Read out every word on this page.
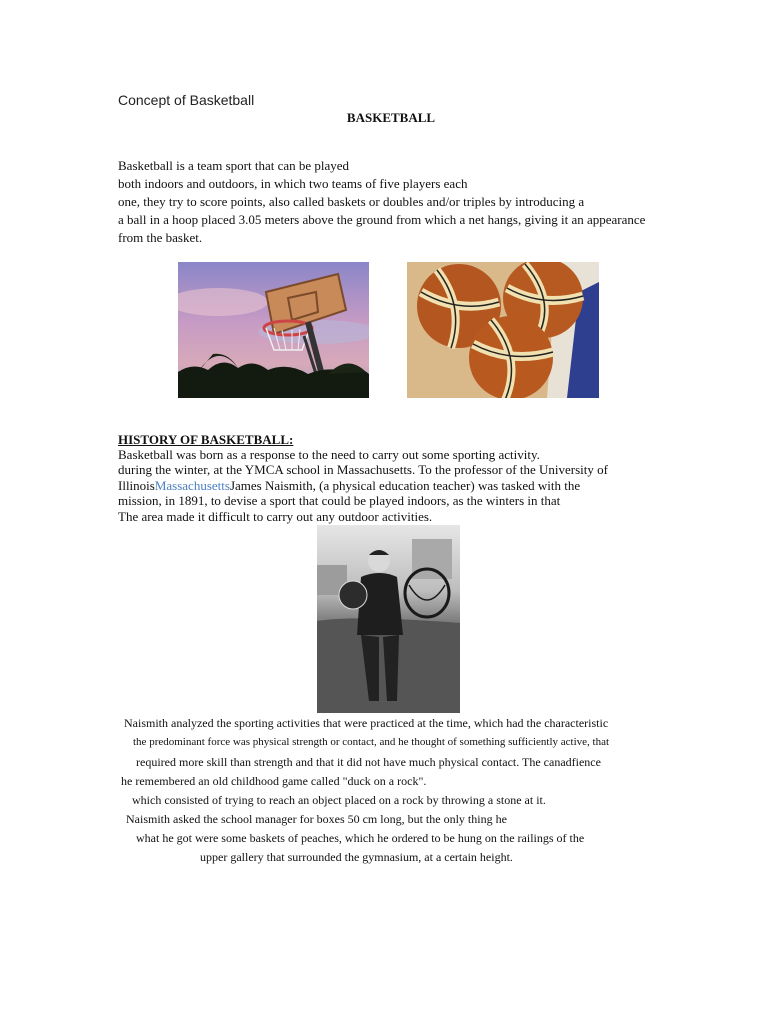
Concept of Basketball
BASKETBALL
Basketball is a team sport that can be played
both indoors and outdoors, in which two teams of five players each
one, they try to score points, also called baskets or doubles and/or triples by introducing a
a ball in a hoop placed 3.05 meters above the ground from which a net hangs, giving it an appearance
from the basket.
HISTORY OF BASKETBALL:
Basketball was born as a response to the need to carry out some sporting activity.
during the winter, at the YMCA school in Massachusetts. To the professor of the University of
IllinoisMassachusettsJames Naismith, (a physical education teacher) was tasked with the
mission, in 1891, to devise a sport that could be played indoors, as the winters in that
The area made it difficult to carry out any outdoor activities.
Naismith analyzed the sporting activities that were practiced at the time, which had the characteristic
the predominant force was physical strength or contact, and he thought of something sufficiently active, that
required more skill than strength and that it did not have much physical contact. The canadfience
he remembered an old childhood game called "duck on a rock".
which consisted of trying to reach an object placed on a rock by throwing a stone at it.
Naismith asked the school manager for boxes 50 cm long, but the only thing he
what he got were some baskets of peaches, which he ordered to be hung on the railings of the
upper gallery that surrounded the gymnasium, at a certain height.
